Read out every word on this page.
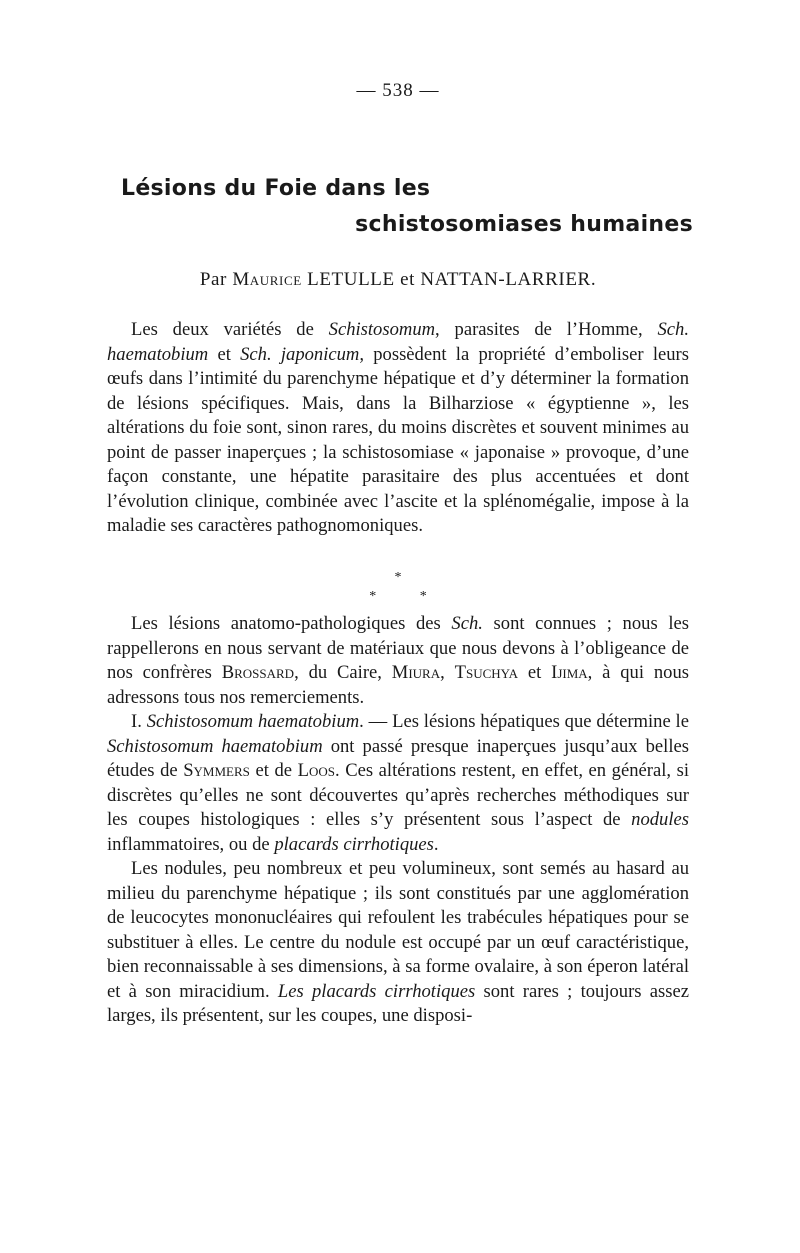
— 538 —
Lésions du Foie dans les
schistosomiases humaines
Par Maurice LETULLE et NATTAN-LARRIER.

Les deux variétés de Schistosomum, parasites de l’Homme, Sch. haematobium et Sch. japonicum, possèdent la propriété d’emboliser leurs œufs dans l’intimité du parenchyme hépatique et d’y déterminer la formation de lésions spécifiques. Mais, dans la Bilharziose « égyptienne », les altérations du foie sont, sinon rares, du moins discrètes et souvent minimes au point de passer inaperçues ; la schistosomiase « japonaise » provoque, d’une façon constante, une hépatite parasitaire des plus accentuées et dont l’évolution clinique, combinée avec l’ascite et la splénomégalie, impose à la maladie ses caractères pathognomoniques.

*
* *

Les lésions anatomo-pathologiques des Sch. sont connues ; nous les rappellerons en nous servant de matériaux que nous devons à l’obligeance de nos confrères Brossard, du Caire, Miura, Tsuchya et Ijima, à qui nous adressons tous nos remerciements.

I. Schistosomum haematobium. — Les lésions hépatiques que détermine le Schistosomum haematobium ont passé presque inaperçues jusqu’aux belles études de Symmers et de Loos. Ces altérations restent, en effet, en général, si discrètes qu’elles ne sont découvertes qu’après recherches méthodiques sur les coupes histologiques : elles s’y présentent sous l’aspect de nodules inflammatoires, ou de placards cirrhotiques.

Les nodules, peu nombreux et peu volumineux, sont semés au hasard au milieu du parenchyme hépatique ; ils sont constitués par une agglomération de leucocytes mononucléaires qui refoulent les trabécules hépatiques pour se substituer à elles. Le centre du nodule est occupé par un œuf caractéristique, bien reconnaissable à ses dimensions, à sa forme ovalaire, à son éperon latéral et à son miracidium. Les placards cirrhotiques sont rares ; toujours assez larges, ils présentent, sur les coupes, une disposi-
